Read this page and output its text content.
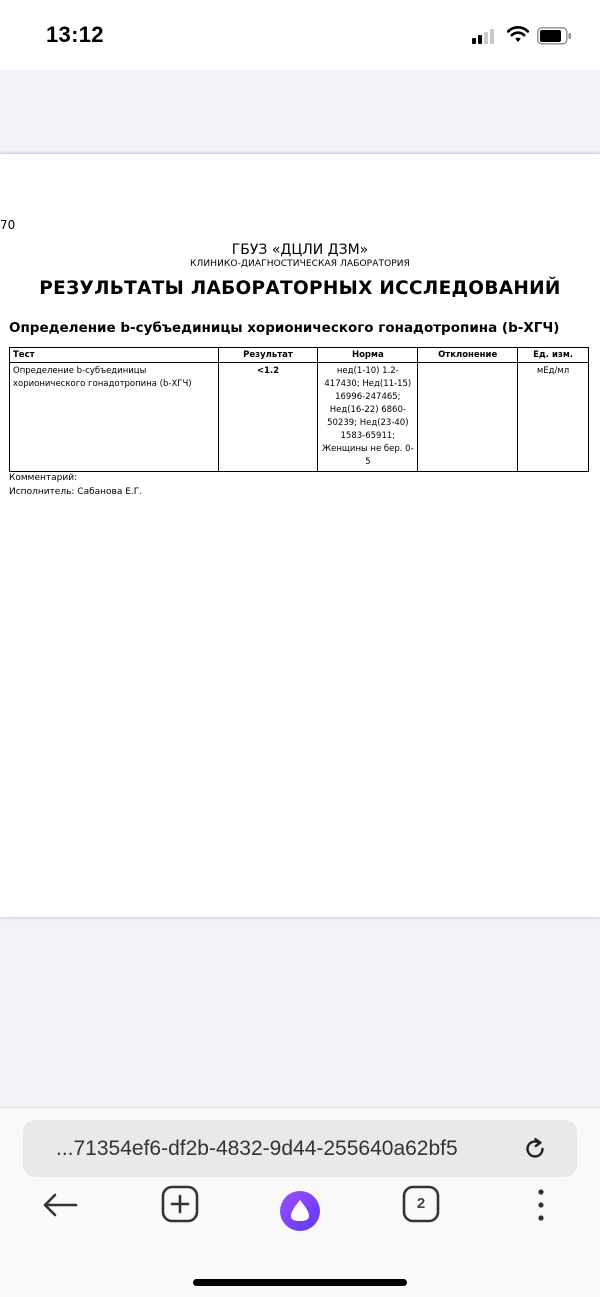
13:12
70
ГБУЗ «ДЦЛИ ДЗМ»
КЛИНИКО-ДИАГНОСТИЧЕСКАЯ ЛАБОРАТОРИЯ
РЕЗУЛЬТАТЫ ЛАБОРАТОРНЫХ ИССЛЕДОВАНИЙ
Определение b-субъединицы хорионического гонадотропина (b-ХГЧ)
Тест	Результат	Норма	Отклонение	Ед. изм.
Определение b-субъединицы хорионического гонадотропина (b-ХГЧ)	<1.2	нед(1-10) 1.2-417430; Нед(11-15) 16996-247465; Нед(16-22) 6860-50239; Нед(23-40) 1583-65911; Женщины не бер. 0-5		мЕд/мл
Комментарий:
Исполнитель: Сабанова Е.Г.
...71354ef6-df2b-4832-9d44-255640a62bf5
2
